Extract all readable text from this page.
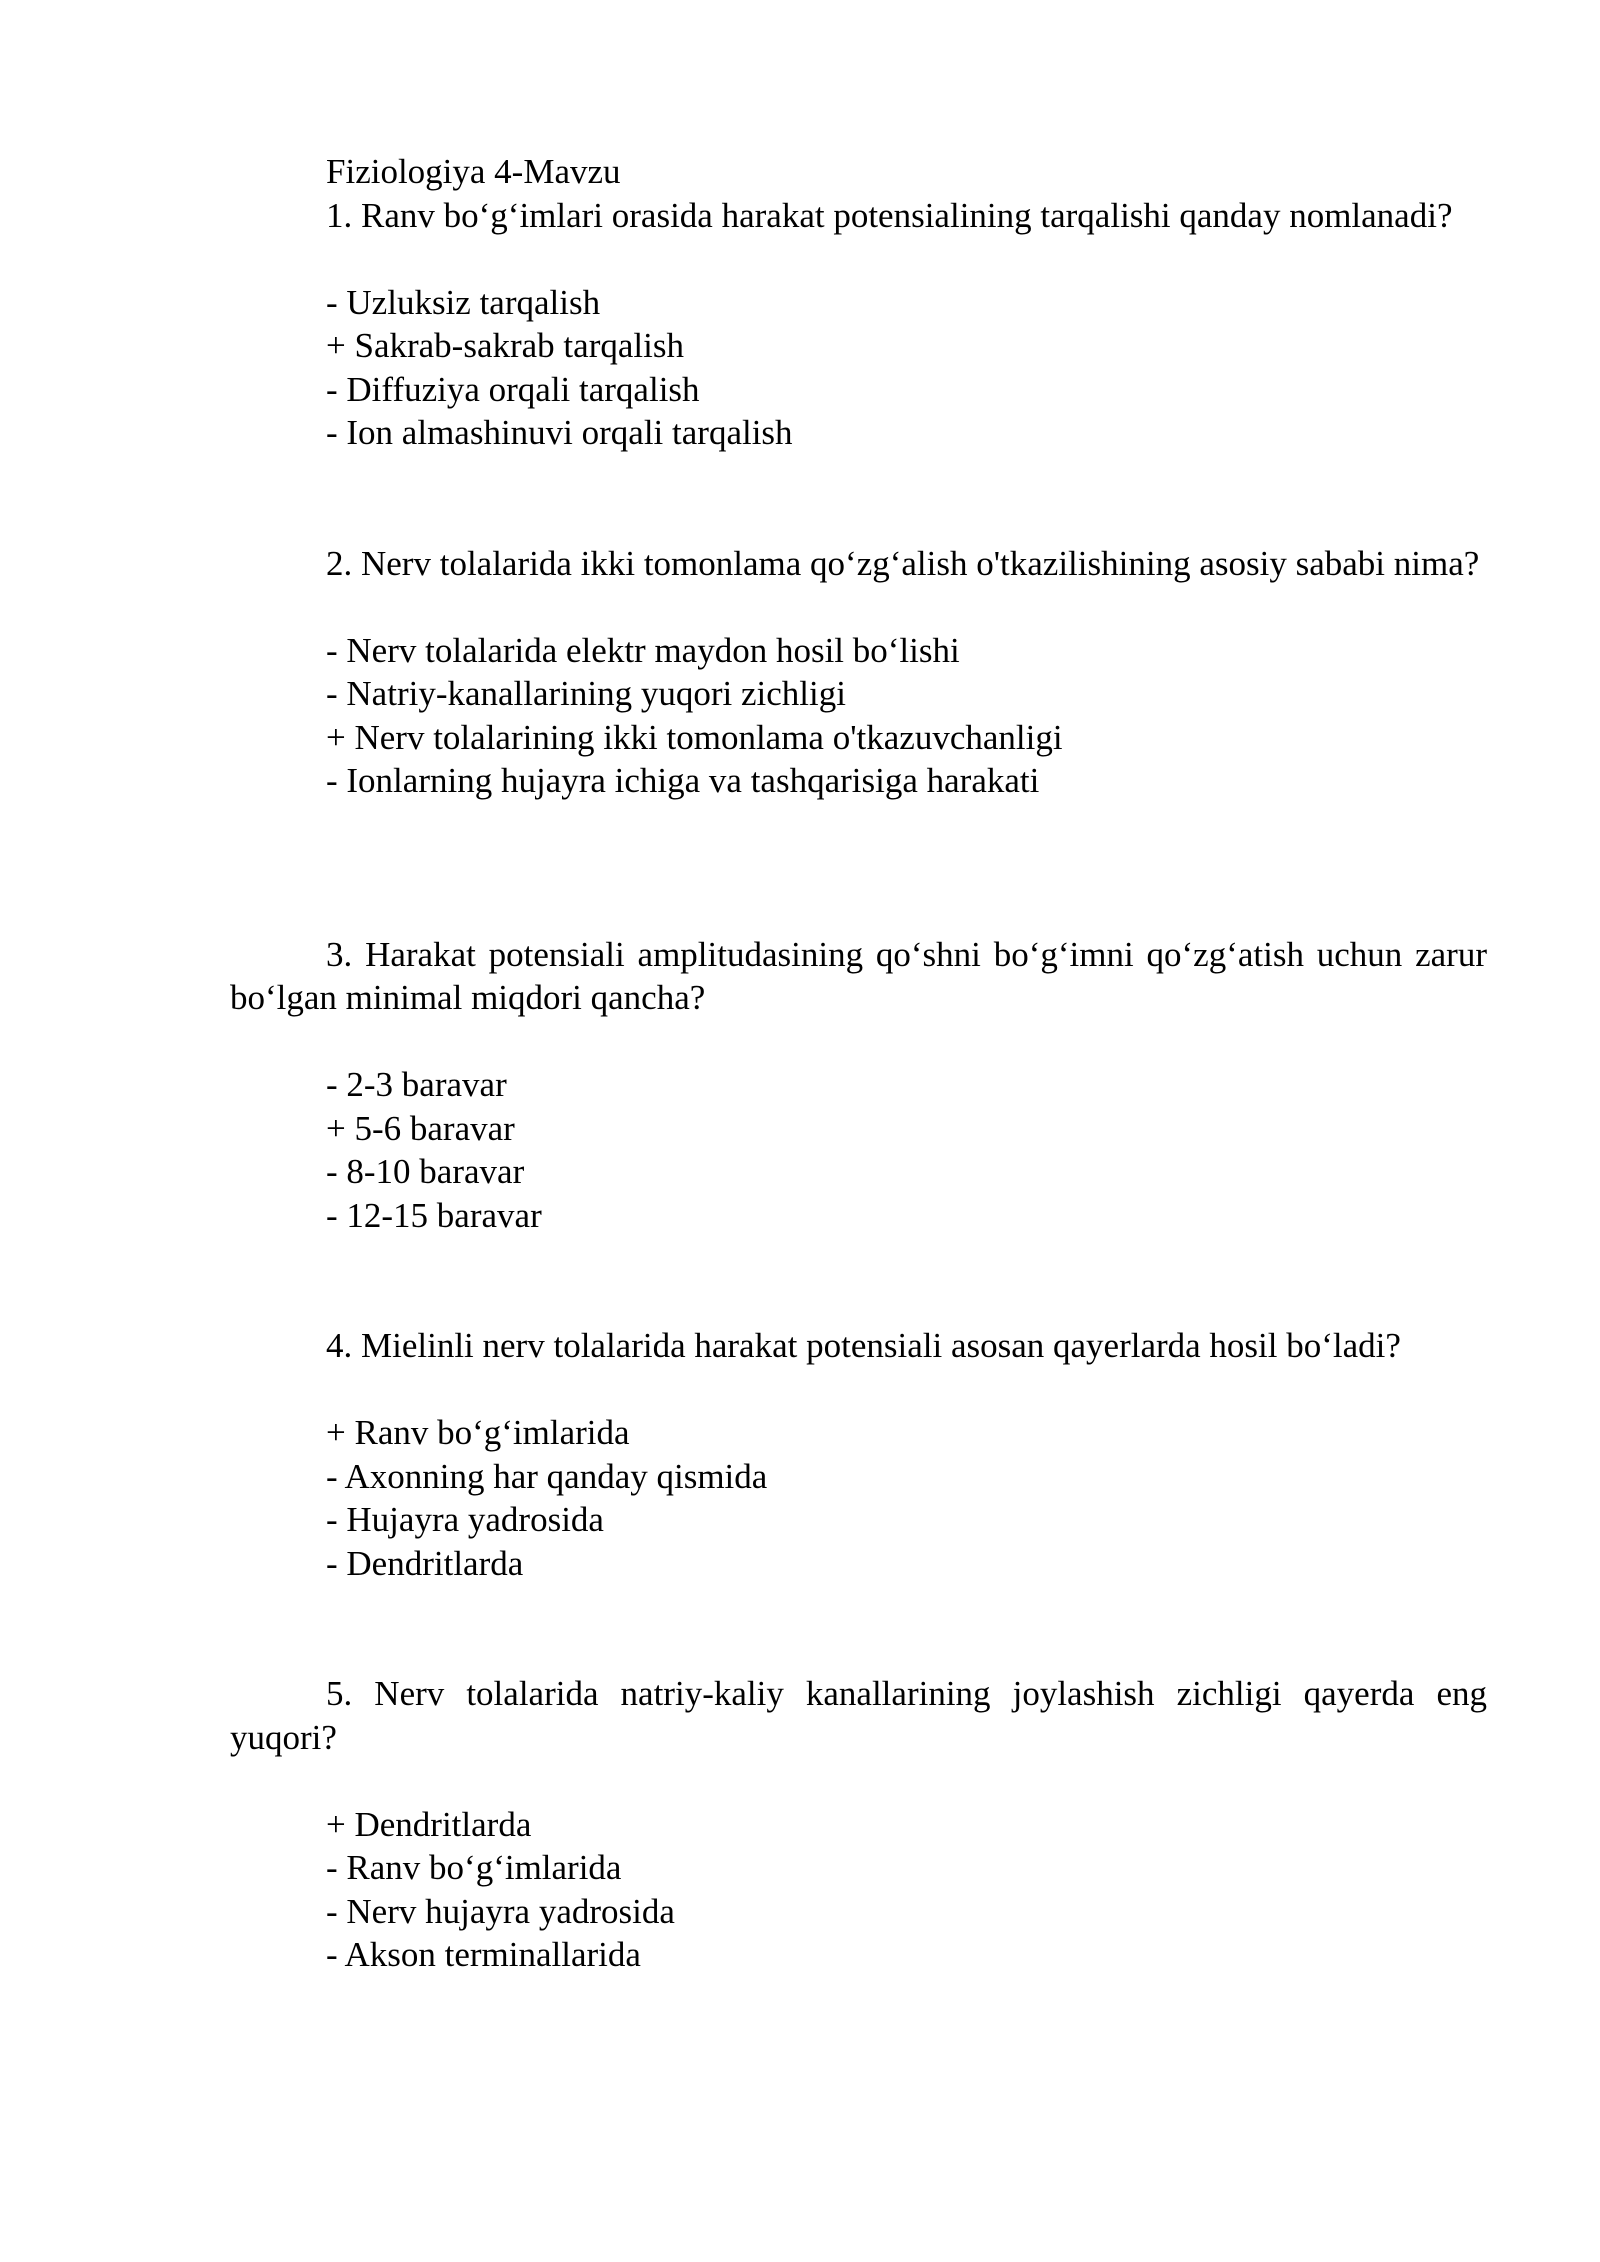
Fiziologiya 4-Mavzu

1. Ranv bo‘g‘imlari orasida harakat potensialining tarqalishi qanday nomlanadi?

- Uzluksiz tarqalish
+ Sakrab-sakrab tarqalish
- Diffuziya orqali tarqalish
- Ion almashinuvi orqali tarqalish

2. Nerv tolalarida ikki tomonlama qo‘zg‘alish o'tkazilishining asosiy sababi nima?

- Nerv tolalarida elektr maydon hosil bo‘lishi
- Natriy-kanallarining yuqori zichligi
+ Nerv tolalarining ikki tomonlama o'tkazuvchanligi
- Ionlarning hujayra ichiga va tashqarisiga harakati

3. Harakat potensiali amplitudasining qo‘shni bo‘g‘imni qo‘zg‘atish uchun zarur bo‘lgan minimal miqdori qancha?

- 2-3 baravar
+ 5-6 baravar
- 8-10 baravar
- 12-15 baravar

4. Mielinli nerv tolalarida harakat potensiali asosan qayerlarda hosil bo‘ladi?

+ Ranv bo‘g‘imlarida
- Axonning har qanday qismida
- Hujayra yadrosida
- Dendritlarda

5. Nerv tolalarida natriy-kaliy kanallarining joylashish zichligi qayerda eng yuqori?

+ Dendritlarda
- Ranv bo‘g‘imlarida
- Nerv hujayra yadrosida
- Akson terminallarida
